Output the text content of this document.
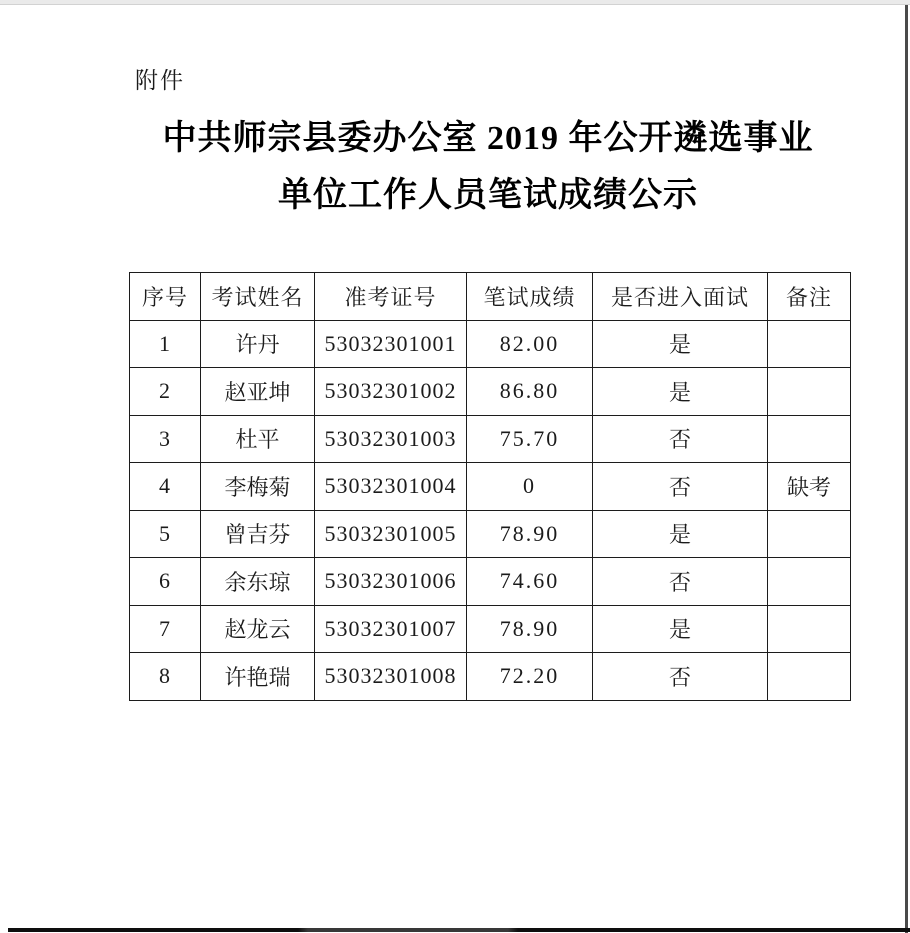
附件
中共师宗县委办公室 2019 年公开遴选事业
单位工作人员笔试成绩公示
序号	考试姓名	准考证号	笔试成绩	是否进入面试	备注
1	许丹	53032301001	82.00	是	
2	赵亚坤	53032301002	86.80	是	
3	杜平	53032301003	75.70	否	
4	李梅菊	53032301004	0	否	缺考
5	曾吉芬	53032301005	78.90	是	
6	余东琼	53032301006	74.60	否	
7	赵龙云	53032301007	78.90	是	
8	许艳瑞	53032301008	72.20	否	
